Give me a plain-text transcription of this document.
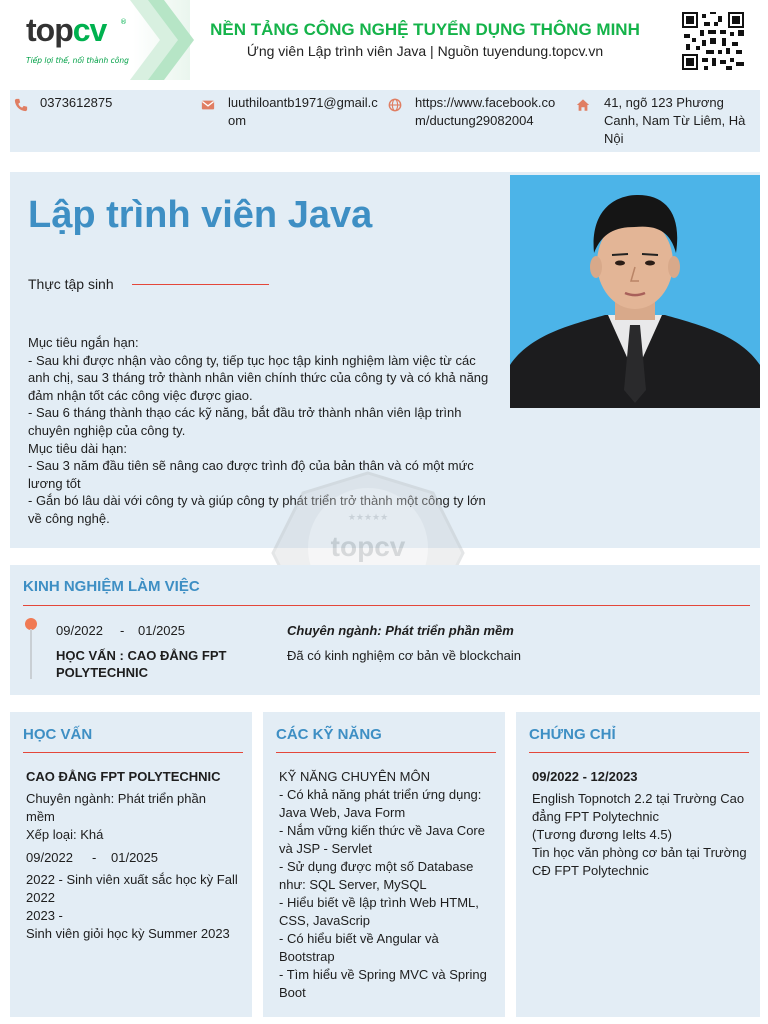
topcv ®
Tiếp lợi thế, nối thành công
NỀN TẢNG CÔNG NGHỆ TUYỂN DỤNG THÔNG MINH
Ứng viên Lập trình viên Java | Nguồn tuyendung.topcv.vn
0373612875	luuthiloantb1971@gmail.com
https://www.facebook.com/ductung29082004
41, ngõ 123 Phương Canh, Nam Từ Liêm, Hà Nội
Lập trình viên Java
Thực tập sinh
Mục tiêu ngắn hạn:
- Sau khi được nhận vào công ty, tiếp tục học tập kinh nghiệm làm việc từ các anh chị, sau 3 tháng trở thành nhân viên chính thức của công ty và có khả năng đảm nhận tốt các công việc được giao.
- Sau 6 tháng thành thạo các kỹ năng, bắt đầu trở thành nhân viên lập trình chuyên nghiệp của công ty.
Mục tiêu dài hạn:
- Sau 3 năm đầu tiên sẽ nâng cao được trình độ của bản thân và có một mức lương tốt
- Gắn bó lâu dài với công ty và giúp công ty phát triển trở thành một công ty lớn về công nghệ.	★★★★★
topcv
KINH NGHIỆM LÀM VIỆC
09/2022 - 01/2025
HỌC VẤN : CAO ĐẲNG FPT POLYTECHNIC
Chuyên ngành: Phát triển phần mềm
Đã có kinh nghiệm cơ bản về blockchain
HỌC VẤN
CAO ĐẲNG FPT POLYTECHNIC
Chuyên ngành: Phát triển phần mềm
Xếp loại: Khá
09/2022 - 01/2025
2022 - Sinh viên xuất sắc học kỳ Fall 2022
2023 -
Sinh viên giỏi học kỳ Summer 2023
CÁC KỸ NĂNG
KỸ NĂNG CHUYÊN MÔN
- Có khả năng phát triển ứng dụng: Java Web, Java Form
- Nắm vững kiến thức về Java Core và JSP - Servlet
- Sử dụng được một số Database như: SQL Server, MySQL
- Hiểu biết về lập trình Web HTML, CSS, JavaScrip
- Có hiểu biết về Angular và Bootstrap
- Tìm hiểu về Spring MVC và Spring Boot
CHỨNG CHỈ
09/2022 - 12/2023
English Topnotch 2.2 tại Trường Cao đẳng FPT Polytechnic
(Tương đương Ielts 4.5)
Tin học văn phòng cơ bản tại Trường CĐ FPT Polytechnic
